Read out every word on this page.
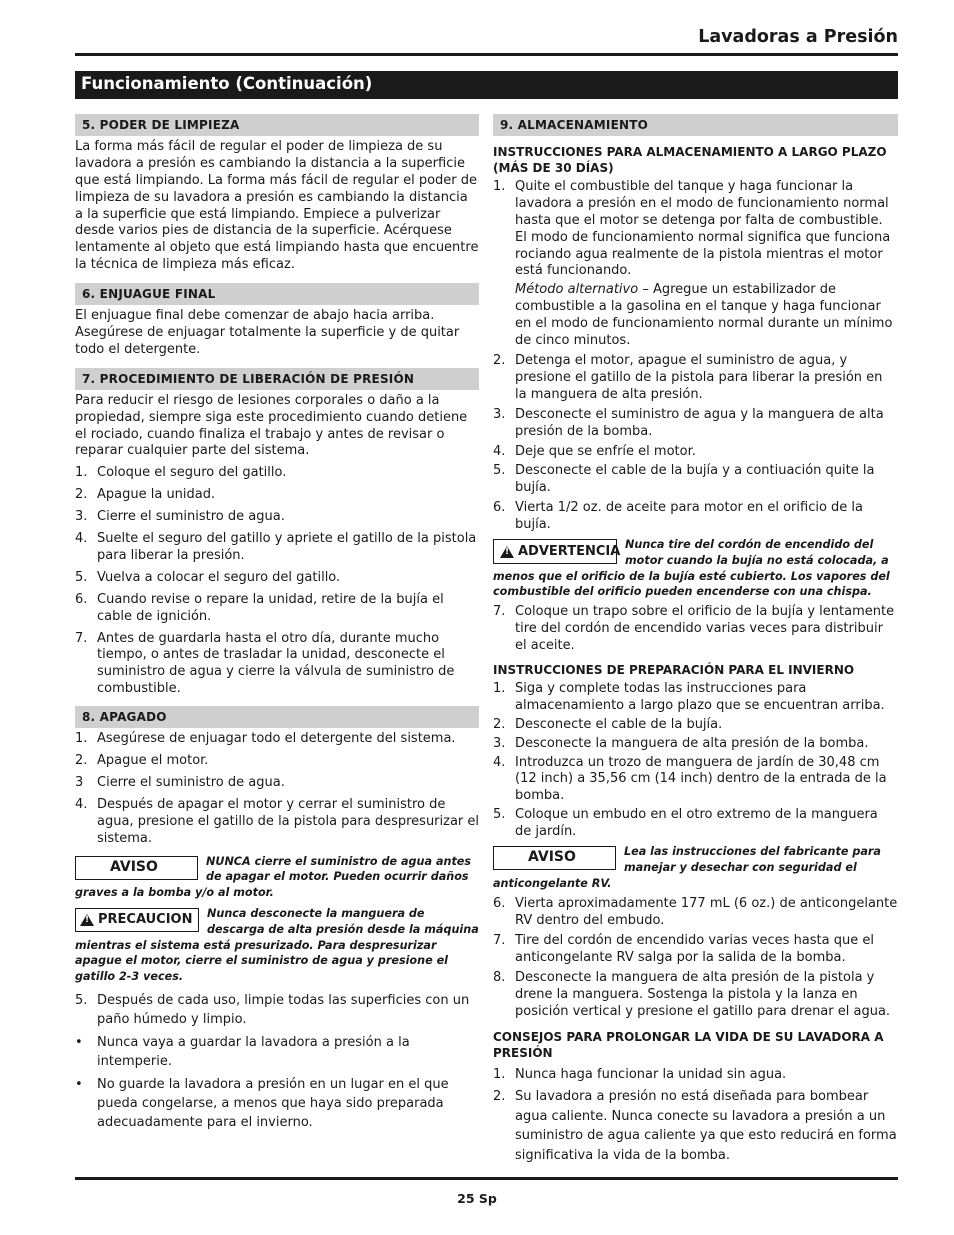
Lavadoras a Presión
Funcionamiento (Continuación)
5. PODER DE LIMPIEZA

La forma más fácil de regular el poder de limpieza de su lavadora a presión es cambiando la distancia a la superficie que está limpiando. La forma más fácil de regular el poder de limpieza de su lavadora a presión es cambiando la distancia a la superficie que está limpiando. Empiece a pulverizar desde varios pies de distancia de la superficie. Acérquese lentamente al objeto que está limpiando hasta que encuentre la técnica de limpieza más eficaz.

6. ENJUAGUE FINAL

El enjuague final debe comenzar de abajo hacia arriba. Asegúrese de enjuagar totalmente la superficie y de quitar todo el detergente.

7. PROCEDIMIENTO DE LIBERACIÓN DE PRESIÓN

Para reducir el riesgo de lesiones corporales o daño a la propiedad, siempre siga este procedimiento cuando detiene el rociado, cuando finaliza el trabajo y antes de revisar o reparar cualquier parte del sistema.

1. Coloque el seguro del gatillo.
2. Apague la unidad.
3. Cierre el suministro de agua.
4. Suelte el seguro del gatillo y apriete el gatillo de la pistola para liberar la presión.
5. Vuelva a colocar el seguro del gatillo.
6. Cuando revise o repare la unidad, retire de la bujía el cable de ignición.
7. Antes de guardarla hasta el otro día, durante mucho tiempo, o antes de trasladar la unidad, desconecte el suministro de agua y cierre la válvula de suministro de combustible.
8. APAGADO
1. Asegúrese de enjuagar todo el detergente del sistema.
2. Apague el motor.
3 Cierre el suministro de agua.
4. Después de apagar el motor y cerrar el suministro de agua, presione el gatillo de la pistola para despresurizar el sistema.
AVISO	NUNCA cierre el suministro de agua antes de apagar el motor. Pueden ocurrir daños graves a la bomba y/o al motor.
! PRECAUCION Nunca desconecte la manguera de descarga de alta presión desde la máquina mientras el sistema está presurizado. Para despresurizar apague el motor, cierre el suministro de agua y presione el gatillo 2-3 veces.
5. Después de cada uso, limpie todas las superficies con un paño húmedo y limpio.
• Nunca vaya a guardar la lavadora a presión a la intemperie.
• No guarde la lavadora a presión en un lugar en el que pueda congelarse, a menos que haya sido preparada adecuadamente para el invierno.
9. ALMACENAMIENTO
INSTRUCCIONES PARA ALMACENAMIENTO A LARGO PLAZO (MÁS DE 30 DÍAS)
1. Quite el combustible del tanque y haga funcionar la lavadora a presión en el modo de funcionamiento normal hasta que el motor se detenga por falta de combustible. El modo de funcionamiento normal significa que funciona rociando agua realmente de la pistola mientras el motor está funcionando.

Método alternativo – Agregue un estabilizador de combustible a la gasolina en el tanque y haga funcionar en el modo de funcionamiento normal durante un mínimo de cinco minutos.

2. Detenga el motor, apague el suministro de agua, y presione el gatillo de la pistola para liberar la presión en la manguera de alta presión.
3. Desconecte el suministro de agua y la manguera de alta presión de la bomba.
4. Deje que se enfríe el motor.
5. Desconecte el cable de la bujía y a contiuación quite la bujía.
6. Vierta 1/2 oz. de aceite para motor en el orificio de la bujía.
! ADVERTENCIA Nunca tire del cordón de encendido del motor cuando la bujía no está colocada, a menos que el orificio de la bujía esté cubierto. Los vapores del combustible del orificio pueden encenderse con una chispa.
7. Coloque un trapo sobre el orificio de la bujía y lentamente tire del cordón de encendido varias veces para distribuir el aceite.
INSTRUCCIONES DE PREPARACIÓN PARA EL INVIERNO
1. Siga y complete todas las instrucciones para almacenamiento a largo plazo que se encuentran arriba.
2. Desconecte el cable de la bujía.
3. Desconecte la manguera de alta presión de la bomba.
4. Introduzca un trozo de manguera de jardín de 30,48 cm (12 inch) a 35,56 cm (14 inch) dentro de la entrada de la bomba.
5. Coloque un embudo en el otro extremo de la manguera de jardín.
AVISO	Lea las instrucciones del fabricante para manejar y desechar con seguridad el anticongelante RV.
6. Vierta aproximadamente 177 mL (6 oz.) de anticongelante RV dentro del embudo.
7. Tire del cordón de encendido varias veces hasta que el anticongelante RV salga por la salida de la bomba.
8. Desconecte la manguera de alta presión de la pistola y drene la manguera. Sostenga la pistola y la lanza en posición vertical y presione el gatillo para drenar el agua.
CONSEJOS PARA PROLONGAR LA VIDA DE SU LAVADORA A PRESIÓN
1. Nunca haga funcionar la unidad sin agua.
2. Su lavadora a presión no está diseñada para bombear agua caliente. Nunca conecte su lavadora a presión a un suministro de agua caliente ya que esto reducirá en forma significativa la vida de la bomba.
25 Sp
